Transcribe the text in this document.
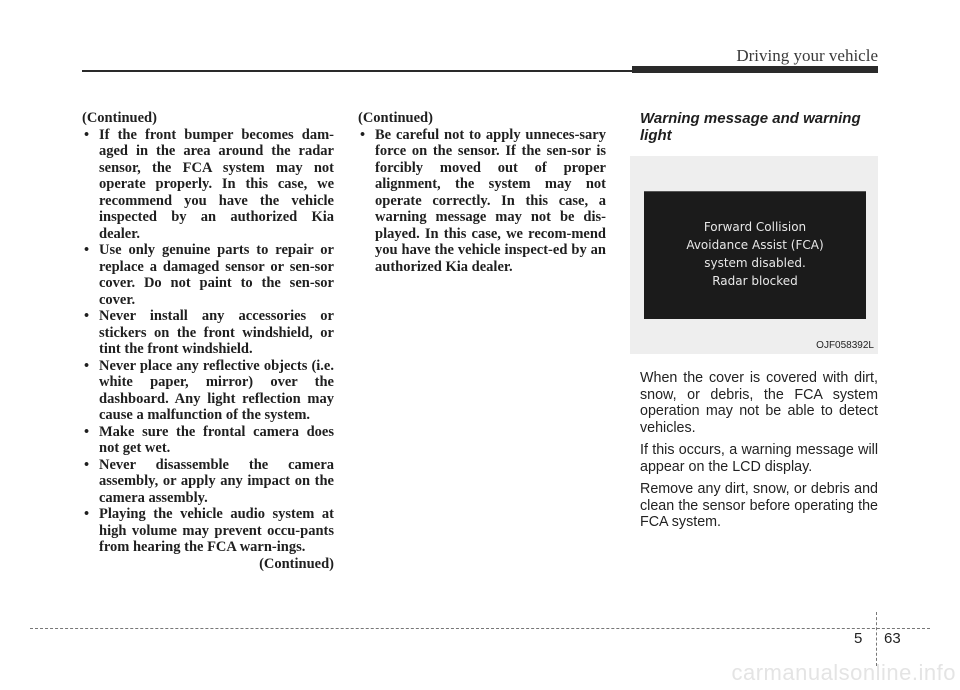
Driving your vehicle

(Continued)

• If the front bumper becomes dam-aged in the area around the radar sensor, the FCA system may not operate properly. In this case, we recommend you have the vehicle inspected by an authorized Kia dealer.
• Use only genuine parts to repair or replace a damaged sensor or sen-sor cover. Do not paint to the sen-sor cover.
• Never install any accessories or stickers on the front windshield, or tint the front windshield.
• Never place any reflective objects (i.e. white paper, mirror) over the dashboard. Any light reflection may cause a malfunction of the system.
• Make sure the frontal camera does not get wet.
• Never disassemble the camera assembly, or apply any impact on the camera assembly.
• Playing the vehicle audio system at high volume may prevent occu-pants from hearing the FCA warn-ings.

(Continued)

(Continued)

• Be careful not to apply unneces-sary force on the sensor. If the sen-sor is forcibly moved out of proper alignment, the system may not operate correctly. In this case, a warning message may not be dis-played. In this case, we recom-mend you have the vehicle inspect-ed by an authorized Kia dealer.

Warning message and warning light

Forward Collision
Avoidance Assist (FCA)
system disabled.
Radar blocked
OJF058392L

When the cover is covered with dirt, snow, or debris, the FCA system operation may not be able to detect vehicles.

If this occurs, a warning message will appear on the LCD display.

Remove any dirt, snow, or debris and clean the sensor before operating the FCA system.

5 63
carmanualsonline.info
